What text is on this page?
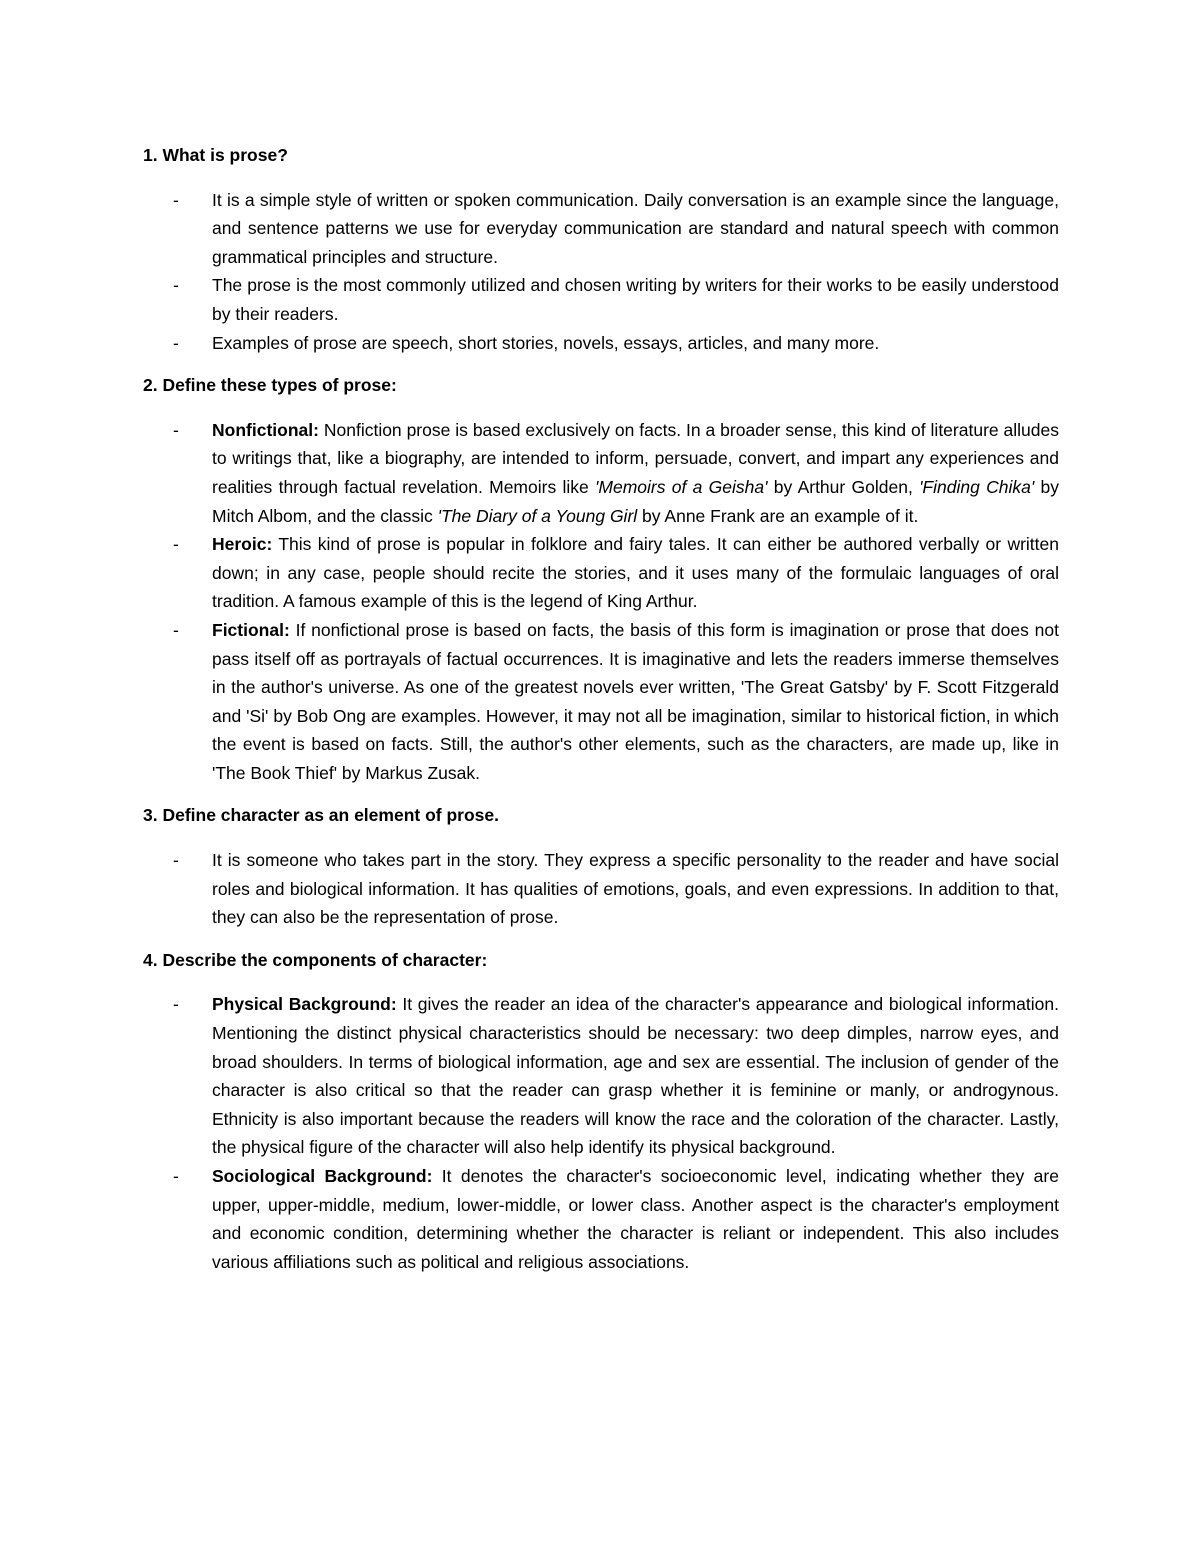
1. What is prose?

- It is a simple style of written or spoken communication. Daily conversation is an example since the language, and sentence patterns we use for everyday communication are standard and natural speech with common grammatical principles and structure.
- The prose is the most commonly utilized and chosen writing by writers for their works to be easily understood by their readers.
- Examples of prose are speech, short stories, novels, essays, articles, and many more.

2. Define these types of prose:

- Nonfictional: Nonfiction prose is based exclusively on facts. In a broader sense, this kind of literature alludes to writings that, like a biography, are intended to inform, persuade, convert, and impart any experiences and realities through factual revelation. Memoirs like 'Memoirs of a Geisha' by Arthur Golden, 'Finding Chika' by Mitch Albom, and the classic 'The Diary of a Young Girl by Anne Frank are an example of it.
- Heroic: This kind of prose is popular in folklore and fairy tales. It can either be authored verbally or written down; in any case, people should recite the stories, and it uses many of the formulaic languages of oral tradition. A famous example of this is the legend of King Arthur.
- Fictional: If nonfictional prose is based on facts, the basis of this form is imagination or prose that does not pass itself off as portrayals of factual occurrences. It is imaginative and lets the readers immerse themselves in the author's universe. As one of the greatest novels ever written, 'The Great Gatsby' by F. Scott Fitzgerald and 'Si' by Bob Ong are examples. However, it may not all be imagination, similar to historical fiction, in which the event is based on facts. Still, the author's other elements, such as the characters, are made up, like in 'The Book Thief' by Markus Zusak.

3. Define character as an element of prose.

- It is someone who takes part in the story. They express a specific personality to the reader and have social roles and biological information. It has qualities of emotions, goals, and even expressions. In addition to that, they can also be the representation of prose.

4. Describe the components of character:

- Physical Background: It gives the reader an idea of the character's appearance and biological information. Mentioning the distinct physical characteristics should be necessary: two deep dimples, narrow eyes, and broad shoulders. In terms of biological information, age and sex are essential. The inclusion of gender of the character is also critical so that the reader can grasp whether it is feminine or manly, or androgynous. Ethnicity is also important because the readers will know the race and the coloration of the character. Lastly, the physical figure of the character will also help identify its physical background.
- Sociological Background: It denotes the character's socioeconomic level, indicating whether they are upper, upper-middle, medium, lower-middle, or lower class. Another aspect is the character's employment and economic condition, determining whether the character is reliant or independent. This also includes various affiliations such as political and religious associations.
